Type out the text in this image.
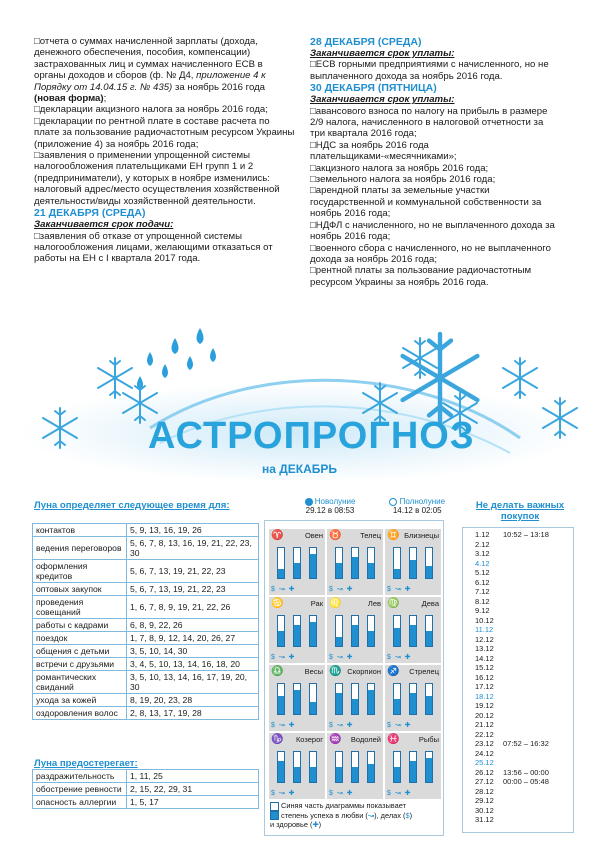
□ отчета о суммах начисленной зарплаты (дохода, денежного обеспечения, пособия, компенсации) застрахованных лиц и суммах начисленного ЕСВ в органы доходов и сборов (ф. № Д4, приложение 4 к Порядку от 14.04.15 г. № 435) за ноябрь 2016 года (новая форма);

□ декларации акцизного налога за ноябрь 2016 года;

□ декларации по рентной плате в составе расчета по плате за пользование радиочастотным ресурсом Украины (приложение 4) за ноябрь 2016 года;

□ заявления о применении упрощенной системы налогообложения плательщиками ЕН групп 1 и 2 (предприниматели), у которых в ноябре изменились: налоговый адрес/место осуществления хозяйственной деятельности/виды хозяйственной деятельности.

21 ДЕКАБРЯ (СРЕДА)

Заканчивается срок подачи:

□ заявления об отказе от упрощенной системы налогообложения лицами, желающими отказаться от работы на ЕН с I квартала 2017 года.

28 ДЕКАБРЯ (СРЕДА)

Заканчивается срок уплаты:

□ ЕСВ горными предприятиями с начисленного, но не выплаченного дохода за ноябрь 2016 года.

30 ДЕКАБРЯ (ПЯТНИЦА)

Заканчивается срок уплаты:

□ авансового взноса по налогу на прибыль в размере 2/9 налога, начисленного в налоговой отчетности за три квартала 2016 года;

□ НДС за ноябрь 2016 года плательщиками-«месячниками»;

□ акцизного налога за ноябрь 2016 года;

□ земельного налога за ноябрь 2016 года;

□ арендной платы за земельные участки государственной и коммунальной собственности за ноябрь 2016 года;

□ НДФЛ с начисленного, но не выплаченного дохода за ноябрь 2016 года;

□ военного сбора с начисленного, но не выплаченного дохода за ноябрь 2016 года;

□ рентной платы за пользование радиочастотным ресурсом Украины за ноябрь 2016 года.

АСТРОПРОГНОЗ
на ДЕКАБРЬ
Луна определяет следующее время для:
контактов	5, 9, 13, 16, 19, 26
ведения переговоров	5, 6, 7, 8, 13, 16, 19, 21, 22, 23, 30
оформления кредитов	5, 6, 7, 13, 19, 21, 22, 23
оптовых закупок	5, 6, 7, 13, 19, 21, 22, 23
проведения совещаний	1, 6, 7, 8, 9, 19, 21, 22, 26
работы с кадрами	6, 8, 9, 22, 26
поездок	1, 7, 8, 9, 12, 14, 20, 26, 27
общения с детьми	3, 5, 10, 14, 30
встречи с друзьями	3, 4, 5, 10, 13, 14, 16, 18, 20
романтических свиданий	3, 5, 10, 13, 14, 16, 17, 19, 20, 30
ухода за кожей	8, 19, 20, 23, 28
оздоровления волос	2, 8, 13, 17, 19, 28
Луна предостерегает:
раздражительность	1, 11, 25
обострение ревности	2, 15, 22, 29, 31
опасность аллергии	1, 5, 17
Новолуние
29.12 в 08:53  Полнолуние
14.12 в 02:05
♈	Овен
$ ↝ ✚
♉	Телец
$ ↝ ✚
♊ Близнецы
$ ↝ ✚
♋	Рак
$ ↝ ✚
♌	Лев
$ ↝ ✚
♍	Дева
$ ↝ ✚
♎	Весы
$ ↝ ✚
♏ Скорпион
$ ↝ ✚
♐	Стрелец
$ ↝ ✚
♑	Козерог
$ ↝ ✚
♒	Водолей
$ ↝ ✚
♓	Рыбы
$ ↝ ✚
Синяя часть диаграммы показывает
степень успеха в любви (↝), делах ($)
и здоровье (✚)
Не делать важных покупок
1.12 10:52 – 13:18
2.12
3.12
4.12
5.12
6.12
7.12
8.12
9.12
10.12
11.12
12.12
13.12
14.12
15.12
16.12
17.12
18.12
19.12
20.12
21.12
22.12
23.12 07:52 – 16:32
24.12
25.12
26.12 13:56 – 00:00
27.12 00:00 – 05:48
28.12
29.12
30.12
31.12
